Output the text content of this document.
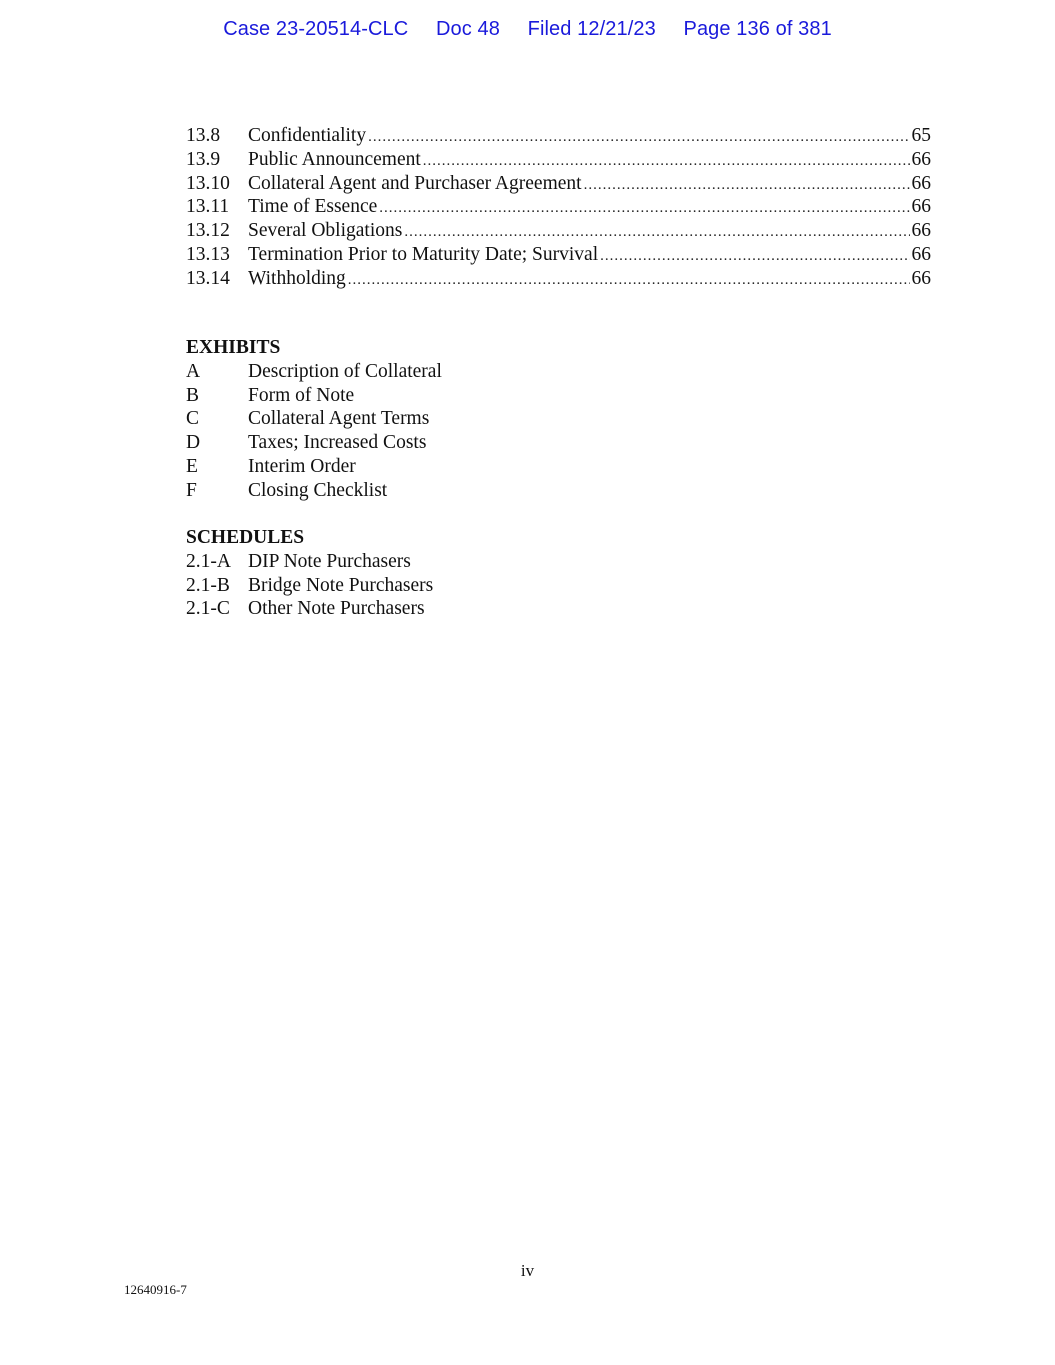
Case 23-20514-CLC Doc 48 Filed 12/21/23 Page 136 of 381
13.8	Confidentiality .....	65
13.9	Public Announcement .....	66
13.10 Collateral Agent and Purchaser Agreement .....	66
13.11 Time of Essence .....	66
13.12 Several Obligations .....	66
13.13 Termination Prior to Maturity Date; Survival .....	66
13.14 Withholding .....	66
EXHIBITS
A	Description of Collateral
B	Form of Note
C	Collateral Agent Terms
D	Taxes; Increased Costs
E	Interim Order
F	Closing Checklist
SCHEDULES
2.1-A DIP Note Purchasers
2.1-B Bridge Note Purchasers
2.1-C Other Note Purchasers
iv
12640916-7
